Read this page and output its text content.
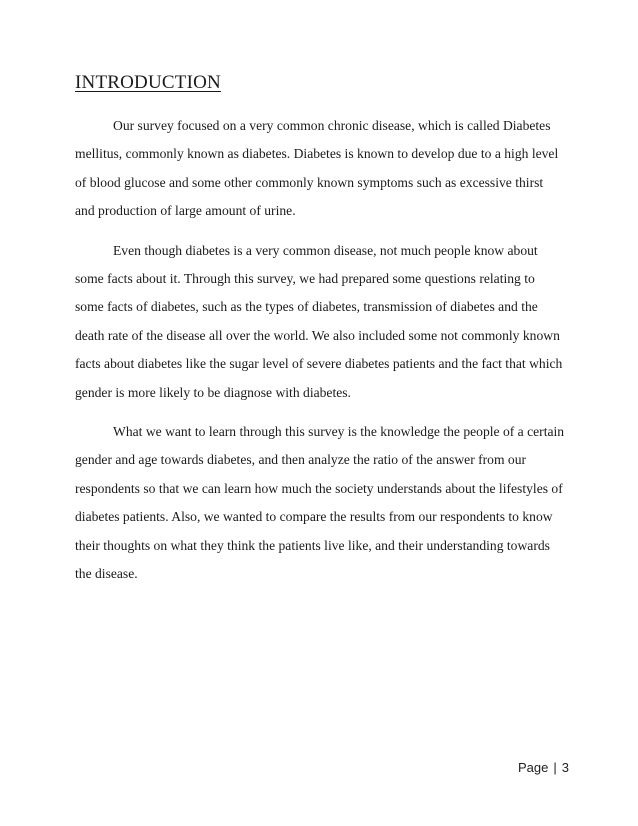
INTRODUCTION

Our survey focused on a very common chronic disease, which is called Diabetes mellitus, commonly known as diabetes. Diabetes is known to develop due to a high level of blood glucose and some other commonly known symptoms such as excessive thirst and production of large amount of urine.

Even though diabetes is a very common disease, not much people know about some facts about it. Through this survey, we had prepared some questions relating to some facts of diabetes, such as the types of diabetes, transmission of diabetes and the death rate of the disease all over the world. We also included some not commonly known facts about diabetes like the sugar level of severe diabetes patients and the fact that which gender is more likely to be diagnose with diabetes.

What we want to learn through this survey is the knowledge the people of a certain gender and age towards diabetes, and then analyze the ratio of the answer from our respondents so that we can learn how much the society understands about the lifestyles of diabetes patients. Also, we wanted to compare the results from our respondents to know their thoughts on what they think the patients live like, and their understanding towards the disease.

Page | 3
